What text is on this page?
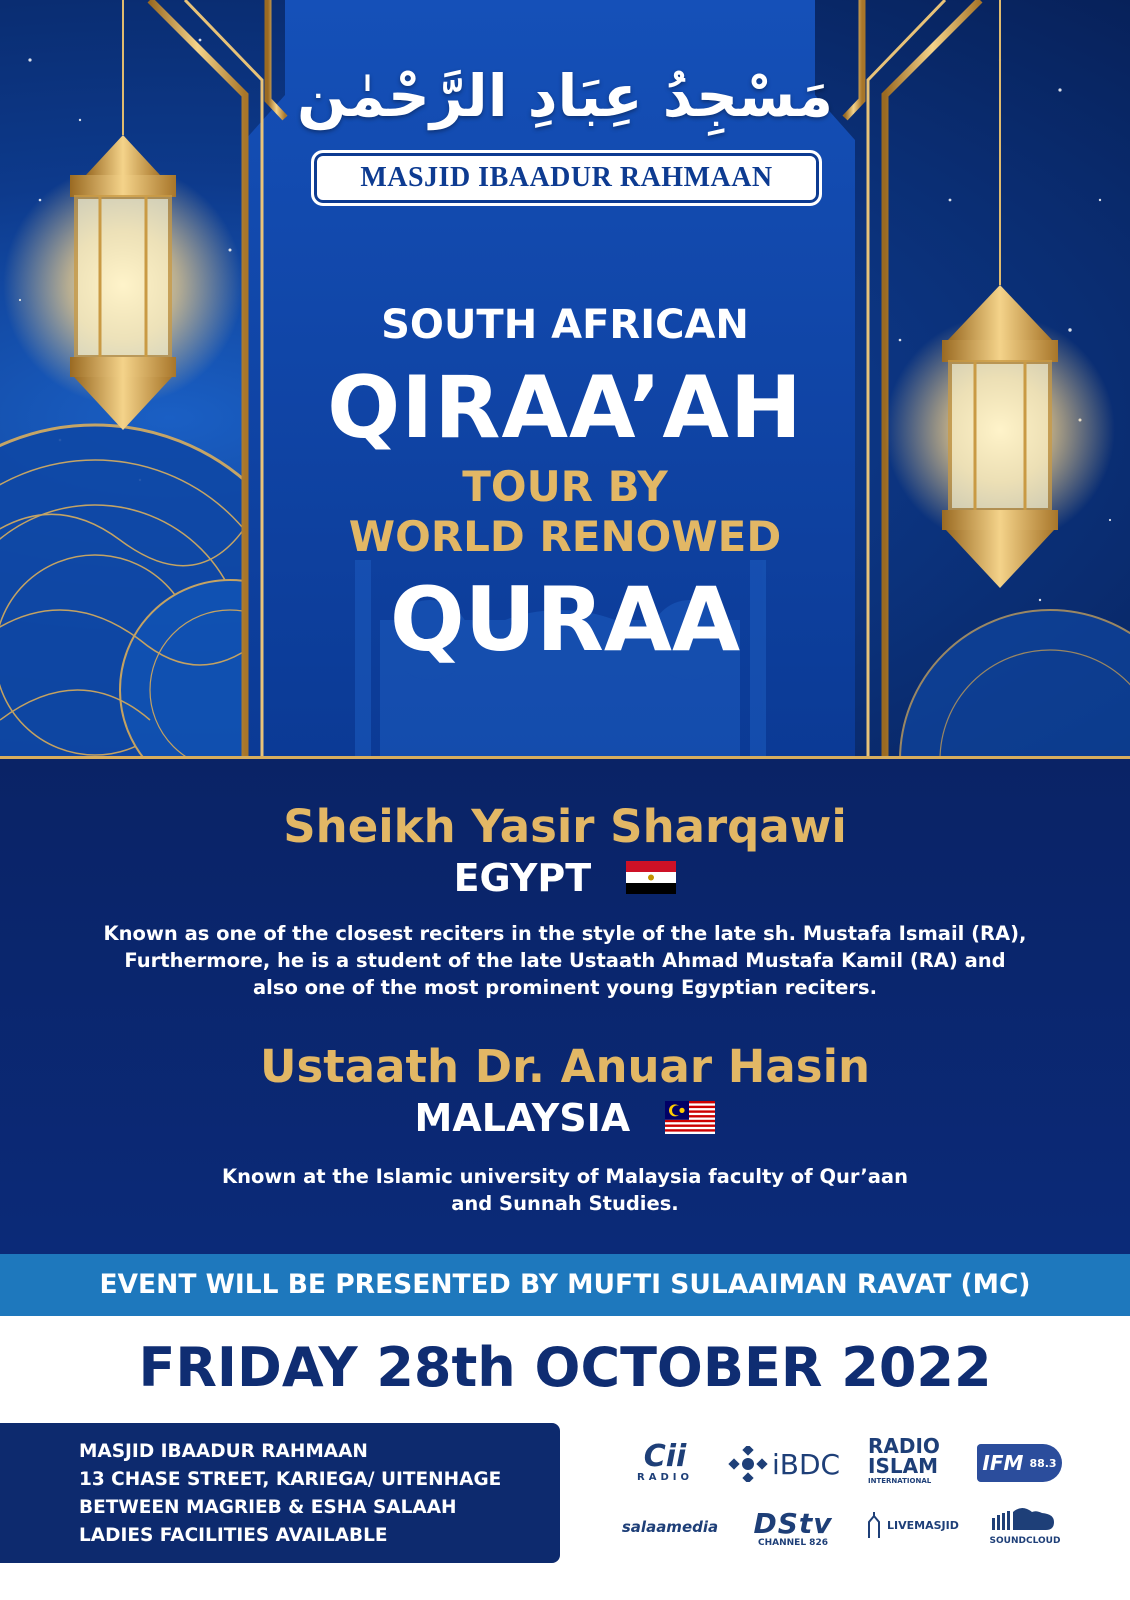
مَسْجِدُ عِبَادِ الرَّحْمٰن
MASJID IBAADUR RAHMAAN
SOUTH AFRICAN
QIRAA’AH
TOUR BY
WORLD RENOWED
QURAA
Sheikh Yasir Sharqawi
EGYPT
Known as one of the closest reciters in the style of the late sh. Mustafa Ismail (RA),
Furthermore, he is a student of the late Ustaath Ahmad Mustafa Kamil (RA) and
also one of the most prominent young Egyptian reciters.
Ustaath Dr. Anuar Hasin
MALAYSIA
Known at the Islamic university of Malaysia faculty of Qur’aan
and Sunnah Studies.
EVENT WILL BE PRESENTED BY MUFTI SULAAIMAN RAVAT (MC)
FRIDAY 28th OCTOBER 2022
MASJID IBAADUR RAHMAAN
13 CHASE STREET, KARIEGA/ UITENHAGE
BETWEEN MAGRIEB & ESHA SALAAH
LADIES FACILITIES AVAILABLE
Cii
RADIO	iBDC
RADIO
ISLAM
INTERNATIONAL
IFM 88.3
salaamedia	DStv
CHANNEL 826
LIVEMASJID
SOUNDCLOUD
